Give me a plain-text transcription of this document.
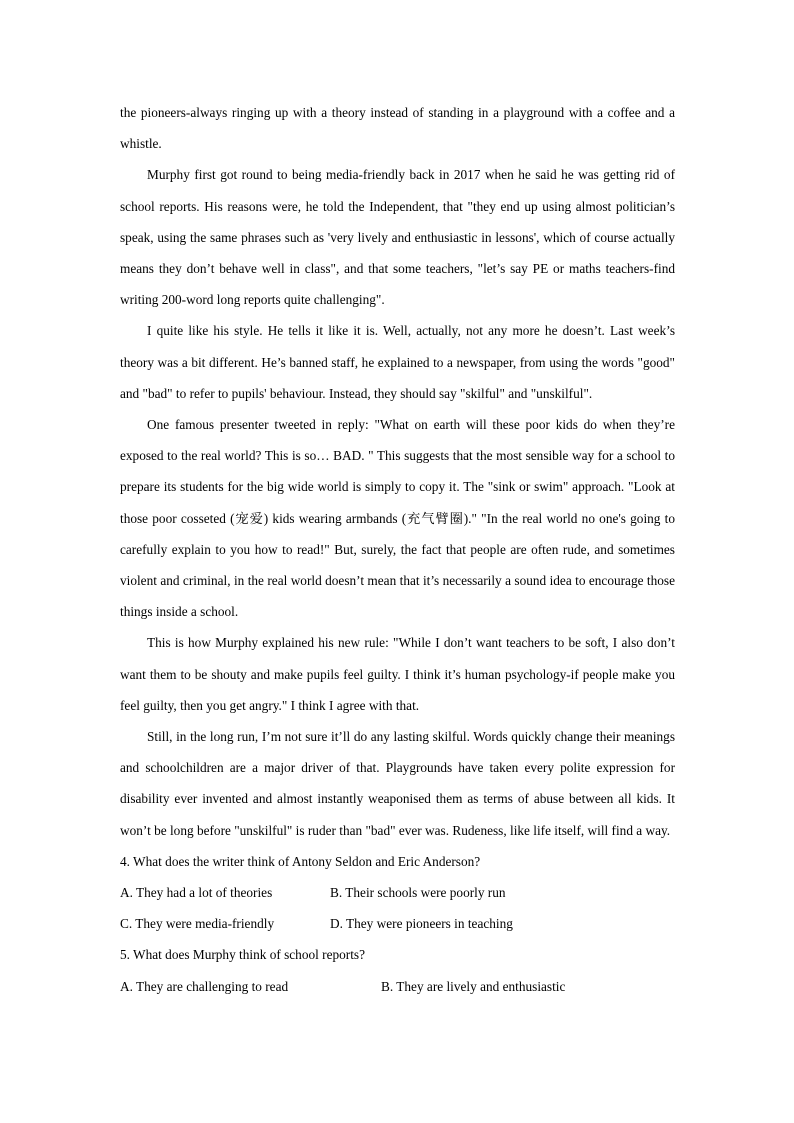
the pioneers-always ringing up with a theory instead of standing in a playground with a coffee and a whistle.

Murphy first got round to being media-friendly back in 2017 when he said he was getting rid of school reports. His reasons were, he told the Independent, that "they end up using almost politician’s speak, using the same phrases such as 'very lively and enthusiastic in lessons', which of course actually means they don’t behave well in class", and that some teachers, "let’s say PE or maths teachers-find writing 200-word long reports quite challenging".

I quite like his style. He tells it like it is. Well, actually, not any more he doesn’t. Last week’s theory was a bit different. He’s banned staff, he explained to a newspaper, from using the words "good" and "bad" to refer to pupils' behaviour. Instead, they should say "skilful" and "unskilful".

One famous presenter tweeted in reply: "What on earth will these poor kids do when they’re exposed to the real world? This is so… BAD. " This suggests that the most sensible way for a school to prepare its students for the big wide world is simply to copy it. The "sink or swim" approach. "Look at those poor cosseted (宠爱) kids wearing armbands (充气臂圈)." "In the real world no one's going to carefully explain to you how to read!" But, surely, the fact that people are often rude, and sometimes violent and criminal, in the real world doesn’t mean that it’s necessarily a sound idea to encourage those things inside a school.

This is how Murphy explained his new rule: "While I don’t want teachers to be soft, I also don’t want them to be shouty and make pupils feel guilty. I think it’s human psychology-if people make you feel guilty, then you get angry." I think I agree with that.

Still, in the long run, I’m not sure it’ll do any lasting skilful. Words quickly change their meanings and schoolchildren are a major driver of that. Playgrounds have taken every polite expression for disability ever invented and almost instantly weaponised them as terms of abuse between all kids. It won’t be long before "unskilful" is ruder than "bad" ever was. Rudeness, like life itself, will find a way.

4. What does the writer think of Antony Seldon and Eric Anderson?

A. They had a lot of theories	B. Their schools were poorly run
C. They were media-friendly	D. They were pioneers in teaching

5. What does Murphy think of school reports?

A. They are challenging to read	B. They are lively and enthusiastic
